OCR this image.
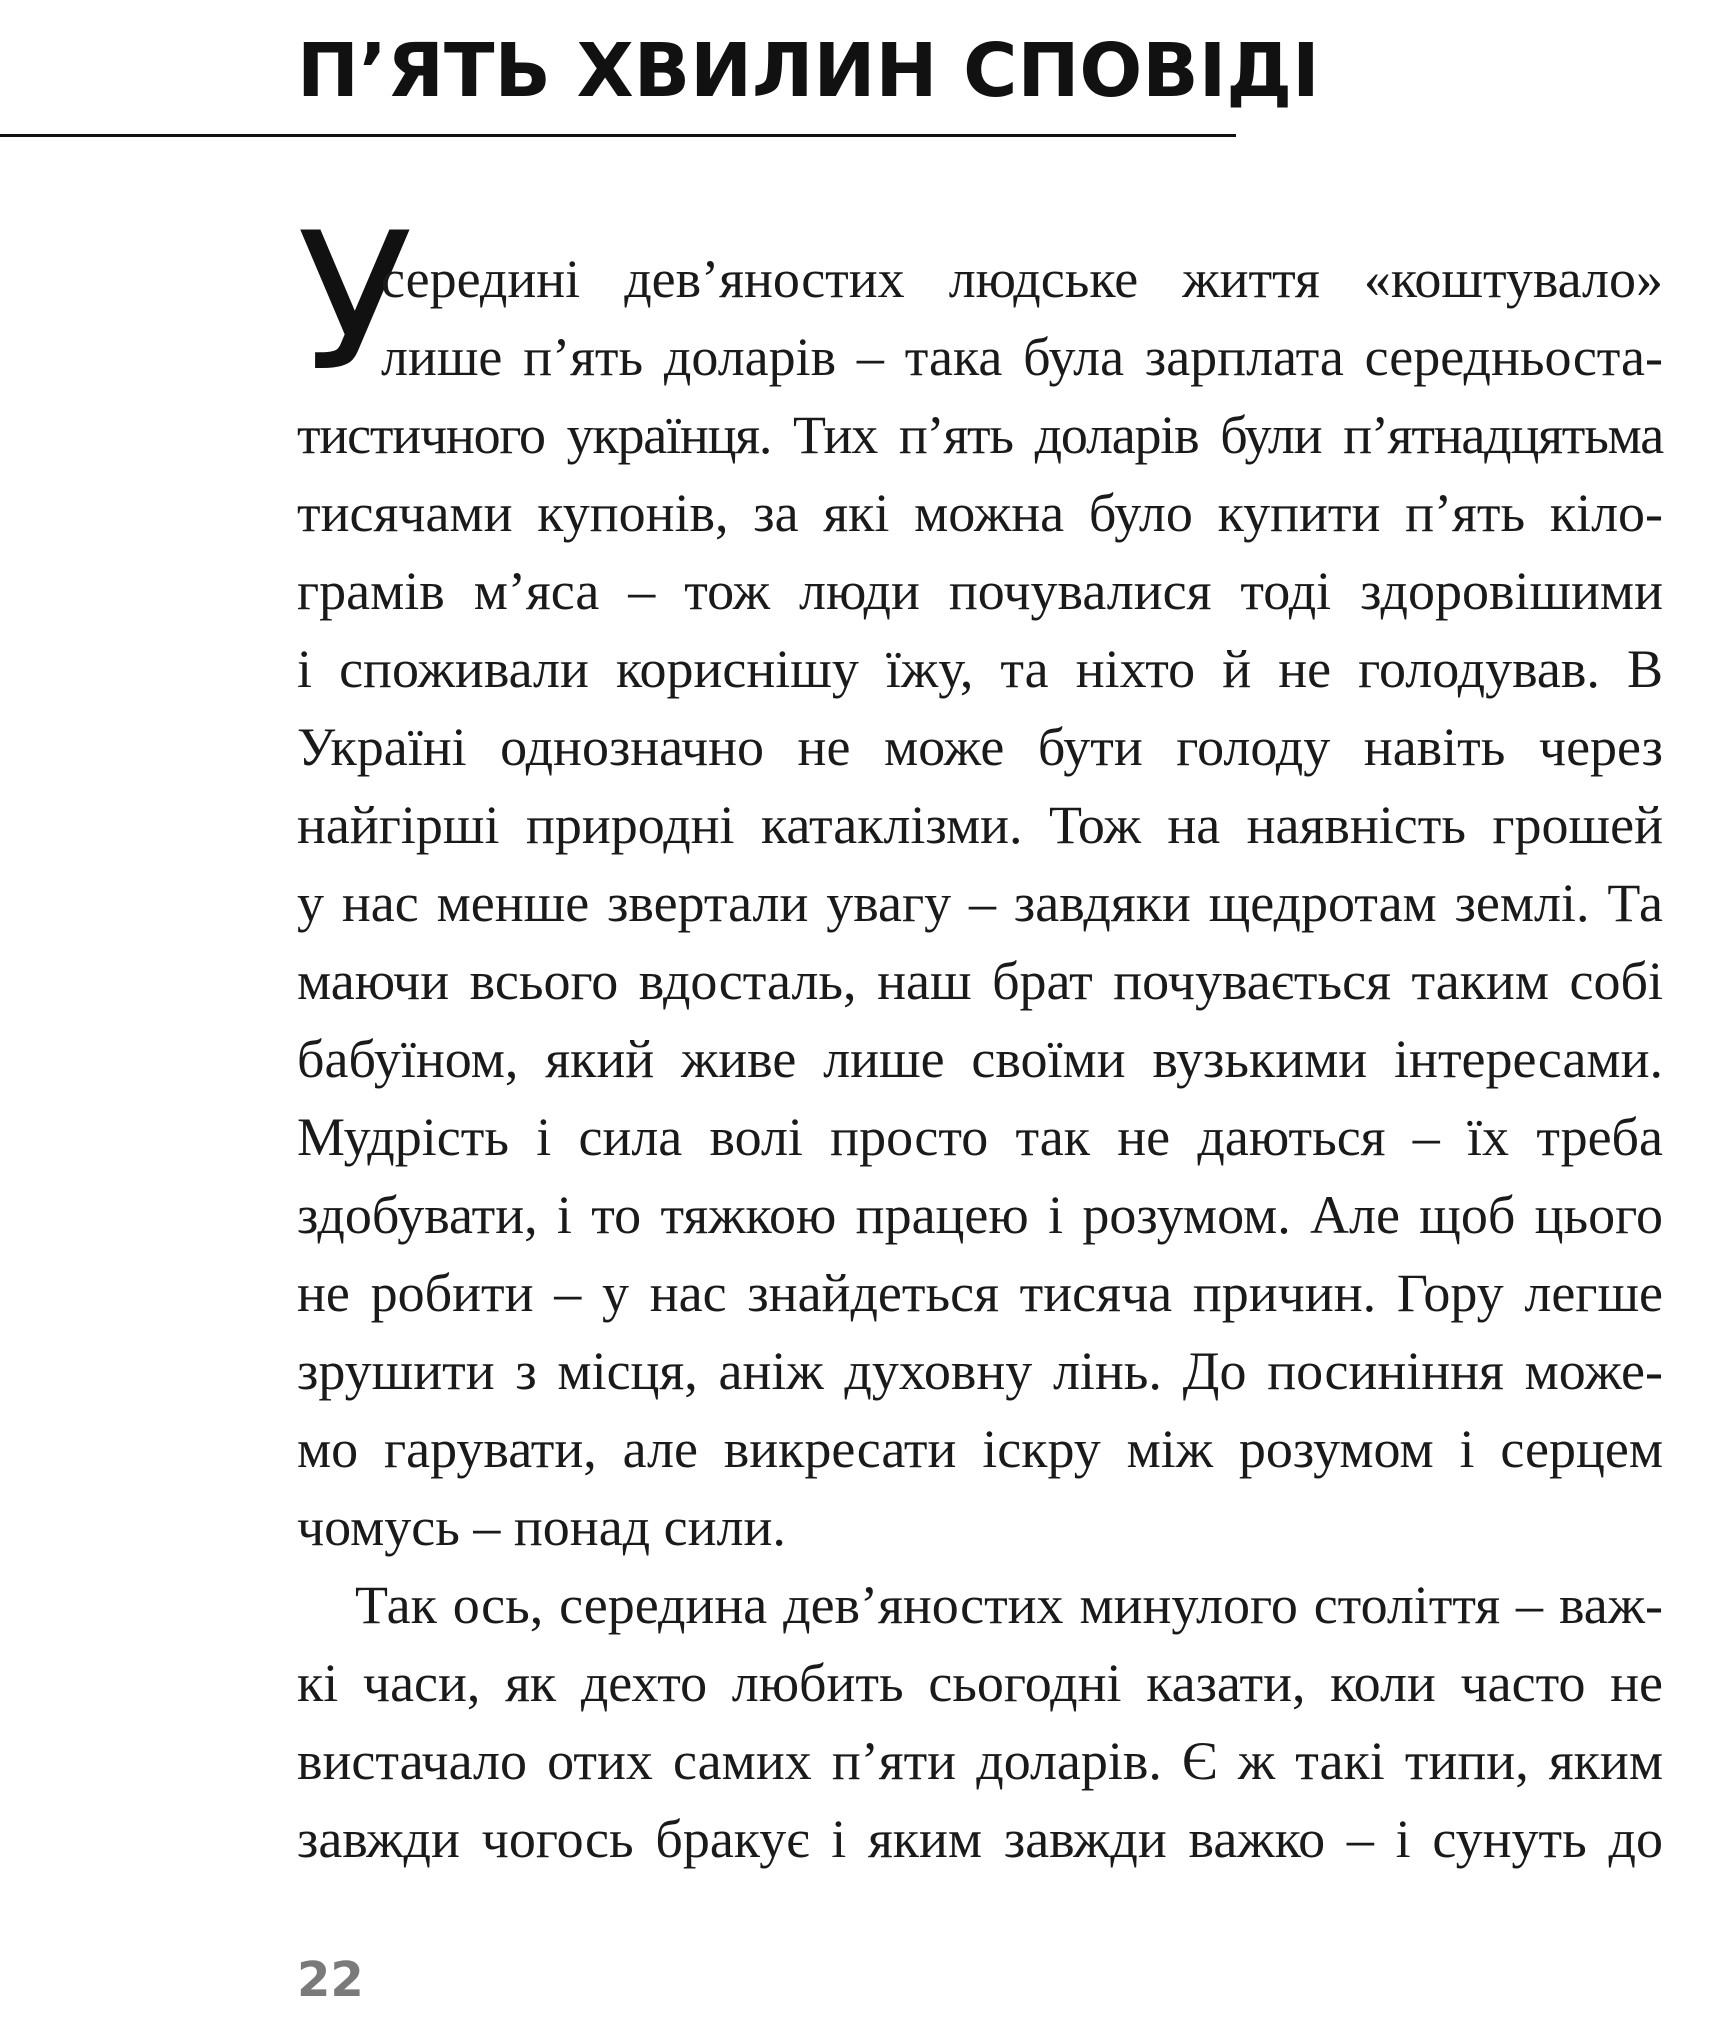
П’ЯТЬ ХВИЛИН СПОВІДІ
У
середині дев’яностих людське життя «коштувало»
лише п’ять доларів – така була зарплата середньоста-
тистичного українця. Тих п’ять доларів були п’ятнадцятьма
тисячами купонів, за які можна було купити п’ять кіло-
грамів м’яса – тож люди почувалися тоді здоровішими
і споживали кориснішу їжу, та ніхто й не голодував. В
Україні однозначно не може бути голоду навіть через
найгірші природні катаклізми. Тож на наявність грошей
у нас менше звертали увагу – завдяки щедротам землі. Та
маючи всього вдосталь, наш брат почувається таким собі
бабуїном, який живе лише своїми вузькими інтересами.
Мудрість і сила волі просто так не даються – їх треба
здобувати, і то тяжкою працею і розумом. Але щоб цього
не робити – у нас знайдеться тисяча причин. Гору легше
зрушити з місця, аніж духовну лінь. До посиніння може-
мо гарувати, але викресати іскру між розумом і серцем
чомусь – понад сили.
Так ось, середина дев’яностих минулого століття – важ-
кі часи, як дехто любить сьогодні казати, коли часто не
вистачало отих самих п’яти доларів. Є ж такі типи, яким
завжди чогось бракує і яким завжди важко – і сунуть до
22
